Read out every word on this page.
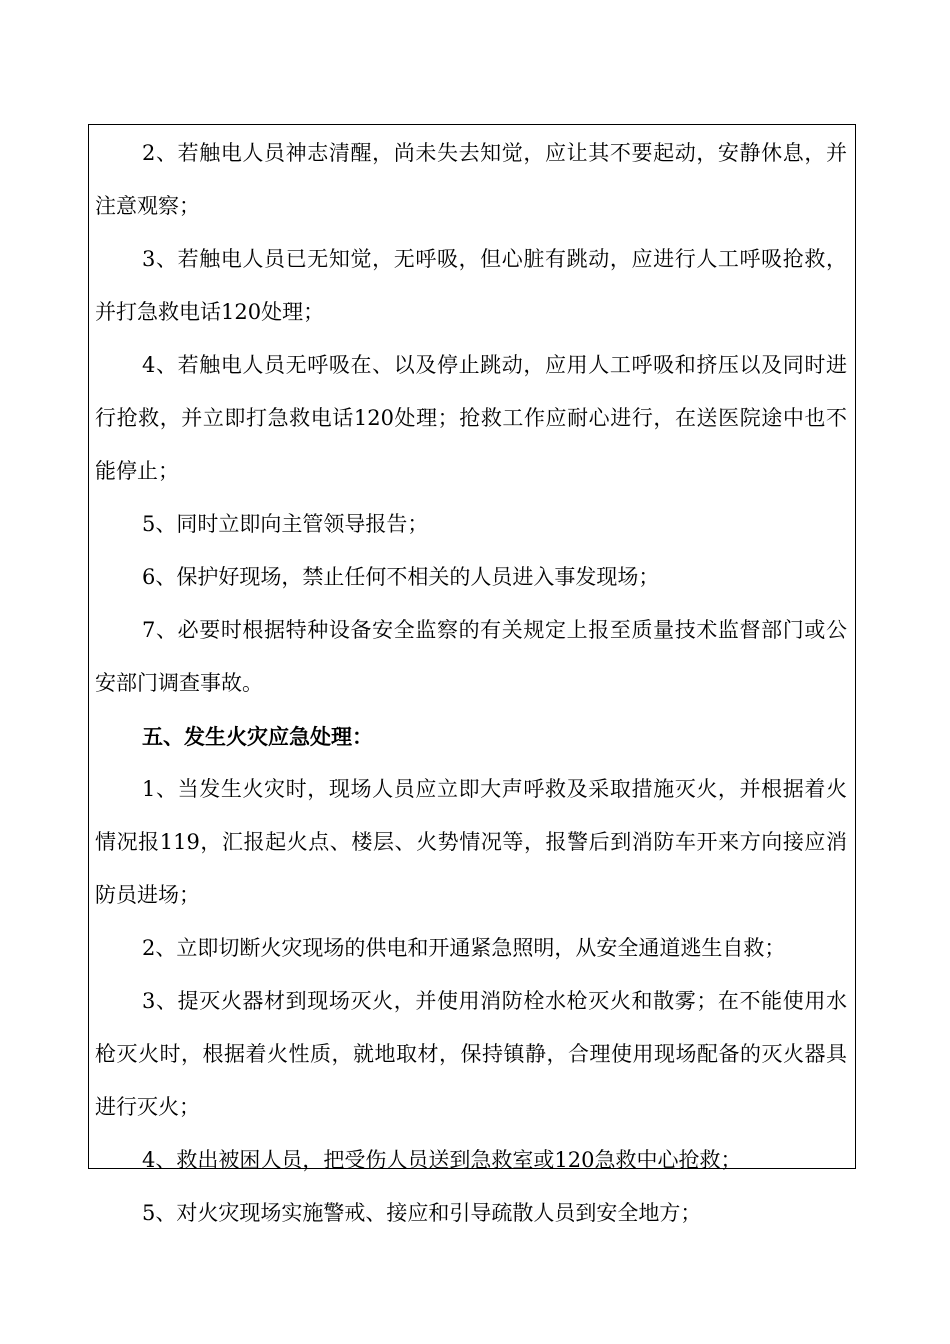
2、若触电人员神志清醒，尚未失去知觉，应让其不要起动，安静休息，并注意观察；

3、若触电人员已无知觉，无呼吸，但心脏有跳动，应进行人工呼吸抢救，并打急救电话120处理；

4、若触电人员无呼吸在、以及停止跳动，应用人工呼吸和挤压以及同时进行抢救，并立即打急救电话120处理；抢救工作应耐心进行，在送医院途中也不能停止；

5、同时立即向主管领导报告；

6、保护好现场，禁止任何不相关的人员进入事发现场；

7、必要时根据特种设备安全监察的有关规定上报至质量技术监督部门或公安部门调查事故。

五、发生火灾应急处理：

1、当发生火灾时，现场人员应立即大声呼救及采取措施灭火，并根据着火情况报119，汇报起火点、楼层、火势情况等，报警后到消防车开来方向接应消防员进场；

2、立即切断火灾现场的供电和开通紧急照明，从安全通道逃生自救；

3、提灭火器材到现场灭火，并使用消防栓水枪灭火和散雾；在不能使用水枪灭火时，根据着火性质，就地取材，保持镇静，合理使用现场配备的灭火器具进行灭火；

4、救出被困人员，把受伤人员送到急救室或120急救中心抢救；

5、对火灾现场实施警戒、接应和引导疏散人员到安全地方；
